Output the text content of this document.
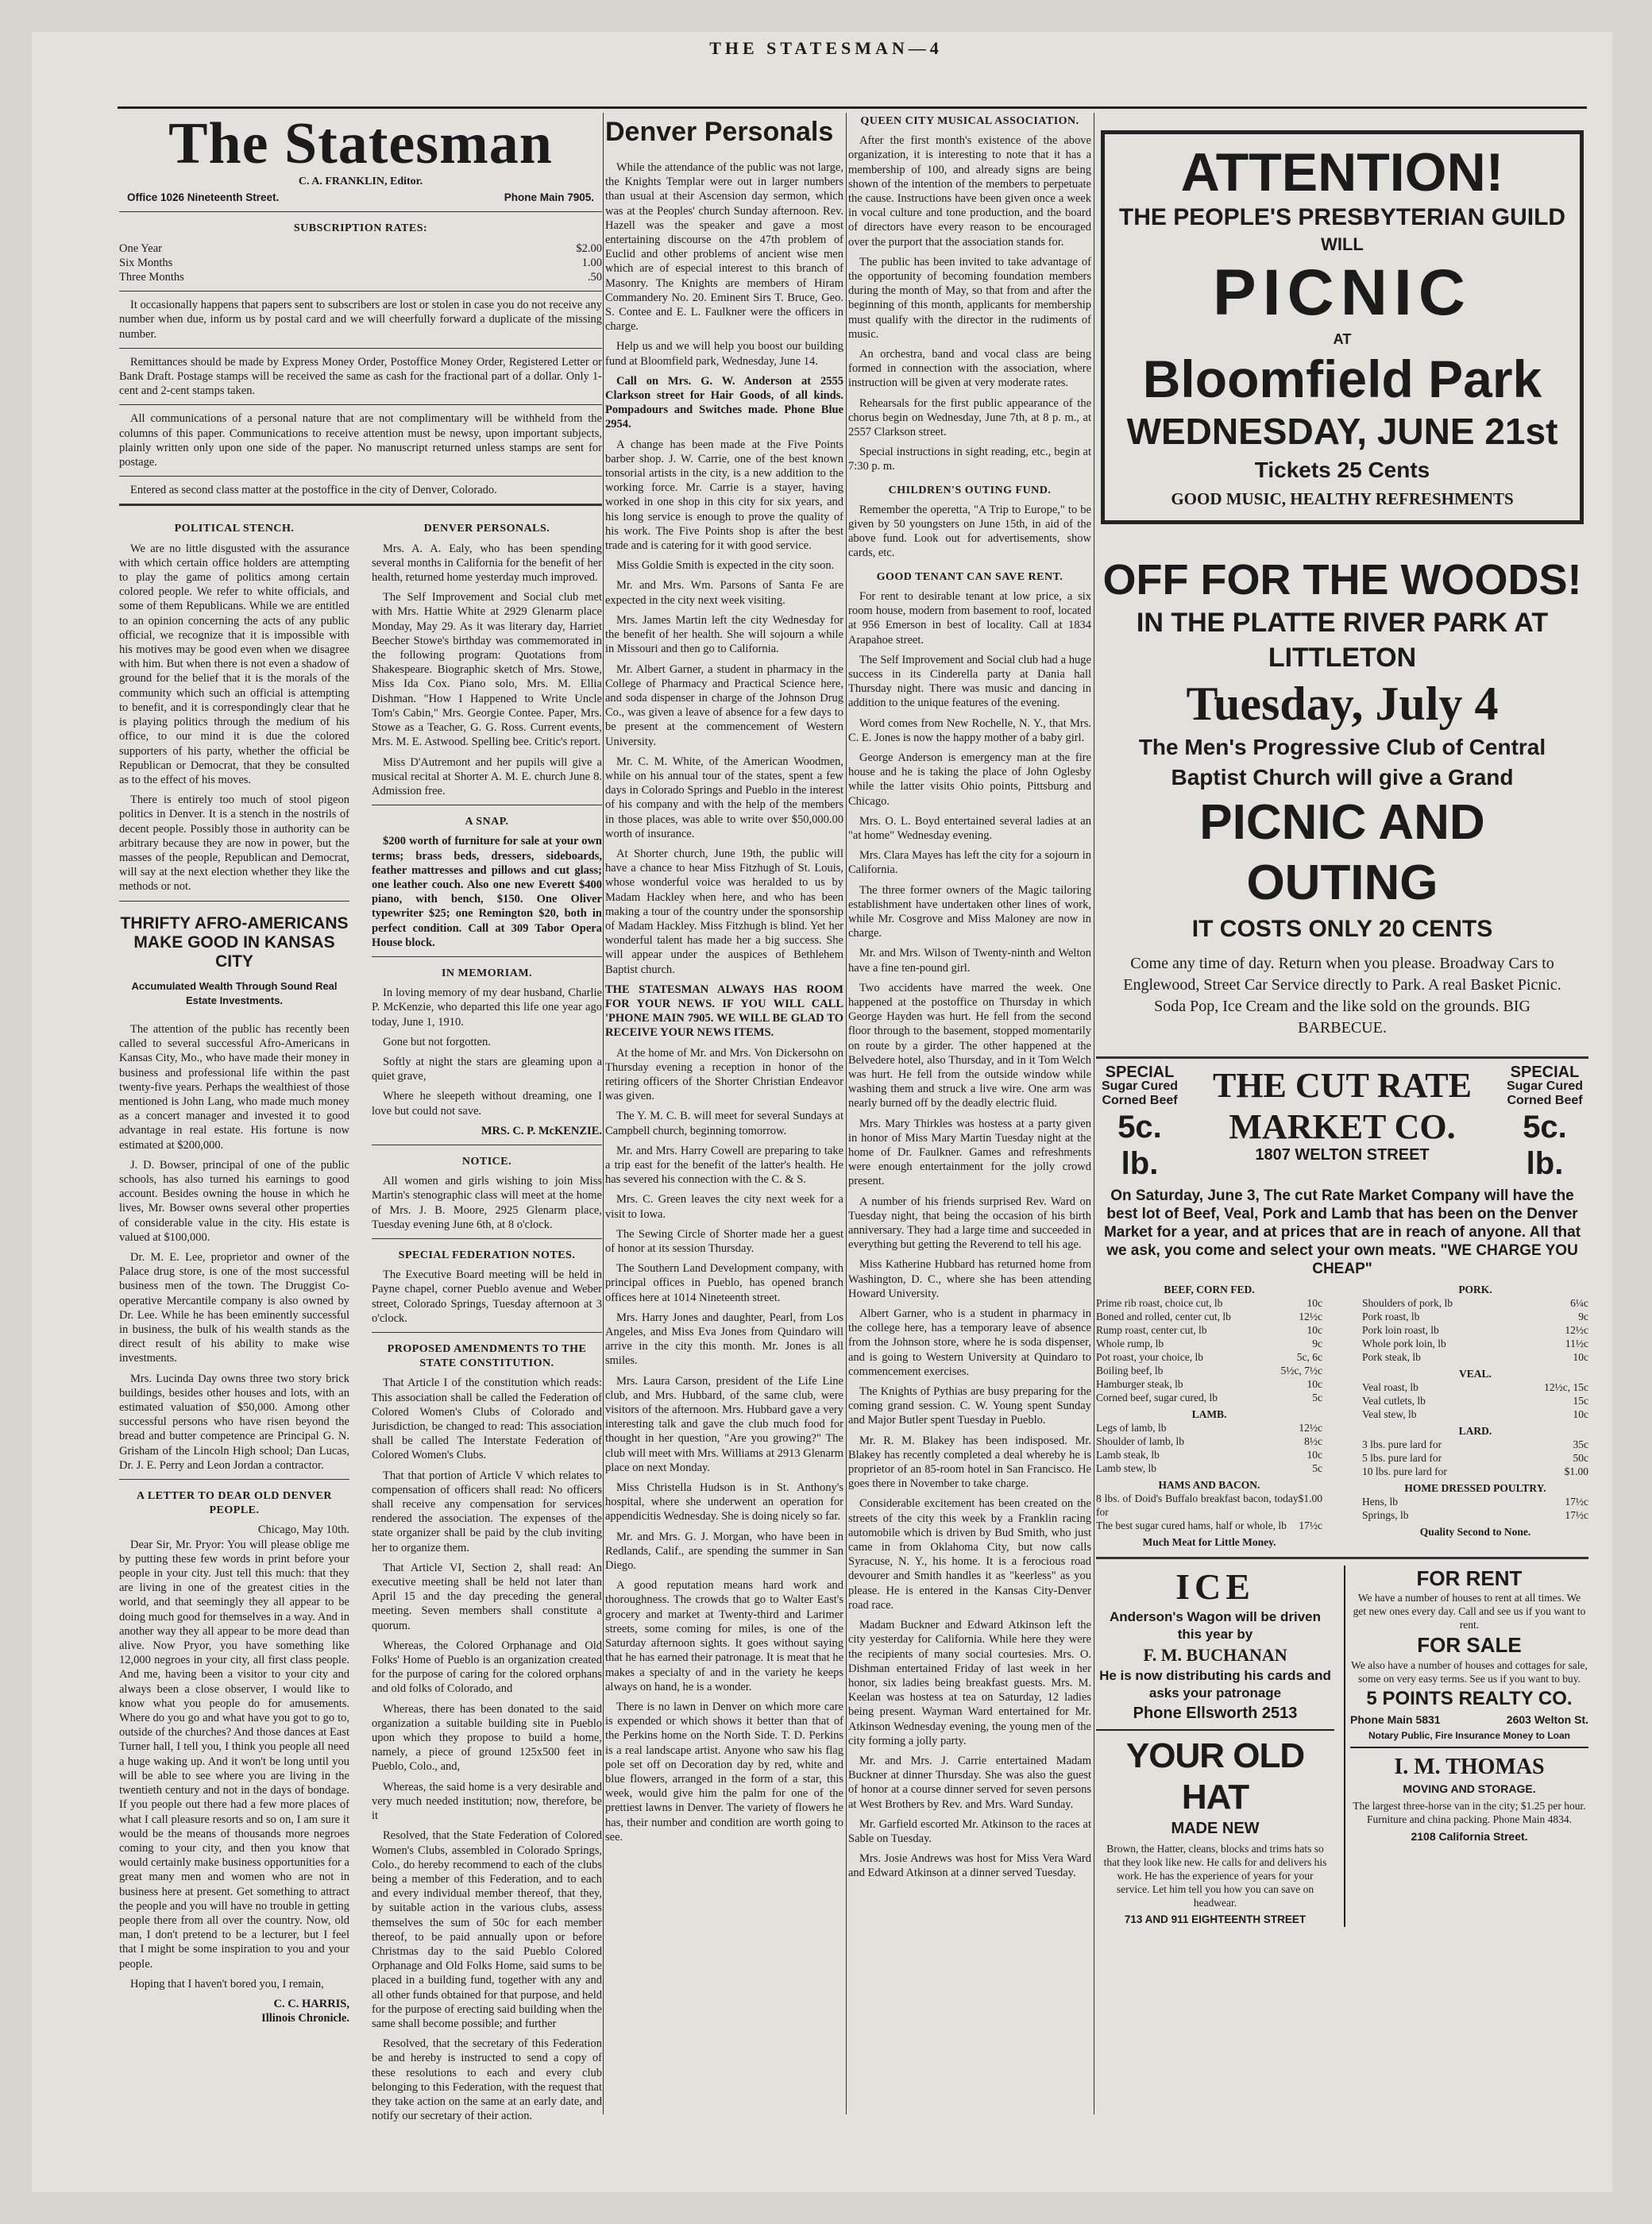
THE STATESMAN—4
The Statesman
C. A. FRANKLIN, Editor.
Office 1026 Nineteenth Street.	Phone Main 7905.
SUBSCRIPTION RATES:
One Year	$2.00
Six Months	1.00
Three Months	.50

It occasionally happens that papers sent to subscribers are lost or stolen in case you do not receive any number when due, inform us by postal card and we will cheerfully forward a duplicate of the missing number.

Remittances should be made by Express Money Order, Postoffice Money Order, Registered Letter or Bank Draft. Postage stamps will be received the same as cash for the fractional part of a dollar. Only 1-cent and 2-cent stamps taken.

All communications of a personal nature that are not complimentary will be withheld from the columns of this paper. Communications to receive attention must be newsy, upon important subjects, plainly written only upon one side of the paper. No manuscript returned unless stamps are sent for postage.

Entered as second class matter at the postoffice in the city of Denver, Colorado.

POLITICAL STENCH.

We are no little disgusted with the assurance with which certain office holders are attempting to play the game of politics among certain colored people. We refer to white officials, and some of them Republicans. While we are entitled to an opinion concerning the acts of any public official, we recognize that it is impossible with his motives may be good even when we disagree with him. But when there is not even a shadow of ground for the belief that it is the morals of the community which such an official is attempting to benefit, and it is correspondingly clear that he is playing politics through the medium of his office, to our mind it is due the colored supporters of his party, whether the official be Republican or Democrat, that they be consulted as to the effect of his moves.

There is entirely too much of stool pigeon politics in Denver. It is a stench in the nostrils of decent people. Possibly those in authority can be arbitrary because they are now in power, but the masses of the people, Republican and Democrat, will say at the next election whether they like the methods or not.

THRIFTY AFRO-AMERICANS MAKE GOOD IN KANSAS CITY
Accumulated Wealth Through Sound Real Estate Investments.

The attention of the public has recently been called to several successful Afro-Americans in Kansas City, Mo., who have made their money in business and professional life within the past twenty-five years. Perhaps the wealthiest of those mentioned is John Lang, who made much money as a concert manager and invested it to good advantage in real estate. His fortune is now estimated at $200,000.

J. D. Bowser, principal of one of the public schools, has also turned his earnings to good account. Besides owning the house in which he lives, Mr. Bowser owns several other properties of considerable value in the city. His estate is valued at $100,000.

Dr. M. E. Lee, proprietor and owner of the Palace drug store, is one of the most successful business men of the town. The Druggist Co-operative Mercantile company is also owned by Dr. Lee. While he has been eminently successful in business, the bulk of his wealth stands as the direct result of his ability to make wise investments.

Mrs. Lucinda Day owns three two story brick buildings, besides other houses and lots, with an estimated valuation of $50,000. Among other successful persons who have risen beyond the bread and butter competence are Principal G. N. Grisham of the Lincoln High school; Dan Lucas, Dr. J. E. Perry and Leon Jordan a contractor.

A LETTER TO DEAR OLD DENVER PEOPLE.
Chicago, May 10th.

Dear Sir, Mr. Pryor: You will please oblige me by putting these few words in print before your people in your city. Just tell this much: that they are living in one of the greatest cities in the world, and that seemingly they all appear to be doing much good for themselves in a way. And in another way they all appear to be more dead than alive. Now Pryor, you have something like 12,000 negroes in your city, all first class people. And me, having been a visitor to your city and always been a close observer, I would like to know what you people do for amusements. Where do you go and what have you got to go to, outside of the churches? And those dances at East Turner hall, I tell you, I think you people all need a huge waking up. And it won't be long until you will be able to see where you are living in the twentieth century and not in the days of bondage. If you people out there had a few more places of what I call pleasure resorts and so on, I am sure it would be the means of thousands more negroes coming to your city, and then you know that would certainly make business opportunities for a great many men and women who are not in business here at present. Get something to attract the people and you will have no trouble in getting people there from all over the country. Now, old man, I don't pretend to be a lecturer, but I feel that I might be some inspiration to you and your people.

Hoping that I haven't bored you, I remain,

C. C. HARRIS,
Illinois Chronicle.
DENVER PERSONALS.

Mrs. A. A. Ealy, who has been spending several months in California for the benefit of her health, returned home yesterday much improved.

The Self Improvement and Social club met with Mrs. Hattie White at 2929 Glenarm place Monday, May 29. As it was literary day, Harriet Beecher Stowe's birthday was commemorated in the following program: Quotations from Shakespeare. Biographic sketch of Mrs. Stowe, Miss Ida Cox. Piano solo, Mrs. M. Ellia Dishman. "How I Happened to Write Uncle Tom's Cabin," Mrs. Georgie Contee. Paper, Mrs. Stowe as a Teacher, G. G. Ross. Current events, Mrs. M. E. Astwood. Spelling bee. Critic's report.

Miss D'Autremont and her pupils will give a musical recital at Shorter A. M. E. church June 8. Admission free.

A SNAP.

$200 worth of furniture for sale at your own terms; brass beds, dressers, sideboards, feather mattresses and pillows and cut glass; one leather couch. Also one new Everett $400 piano, with bench, $150. One Oliver typewriter $25; one Remington $20, both in perfect condition. Call at 309 Tabor Opera House block.

IN MEMORIAM.

In loving memory of my dear husband, Charlie P. McKenzie, who departed this life one year ago today, June 1, 1910.

Gone but not forgotten.

Softly at night the stars are gleaming upon a quiet grave,

Where he sleepeth without dreaming, one I love but could not save.

MRS. C. P. McKENZIE.
NOTICE.

All women and girls wishing to join Miss Martin's stenographic class will meet at the home of Mrs. J. B. Moore, 2925 Glenarm place, Tuesday evening June 6th, at 8 o'clock.

SPECIAL FEDERATION NOTES.

The Executive Board meeting will be held in Payne chapel, corner Pueblo avenue and Weber street, Colorado Springs, Tuesday afternoon at 3 o'clock.

PROPOSED AMENDMENTS TO THE STATE CONSTITUTION.

That Article I of the constitution which reads: This association shall be called the Federation of Colored Women's Clubs of Colorado and Jurisdiction, be changed to read: This association shall be called The Interstate Federation of Colored Women's Clubs.

That that portion of Article V which relates to compensation of officers shall read: No officers shall receive any compensation for services rendered the association. The expenses of the state organizer shall be paid by the club inviting her to organize them.

That Article VI, Section 2, shall read: An executive meeting shall be held not later than April 15 and the day preceding the general meeting. Seven members shall constitute a quorum.

Whereas, the Colored Orphanage and Old Folks' Home of Pueblo is an organization created for the purpose of caring for the colored orphans and old folks of Colorado, and

Whereas, there has been donated to the said organization a suitable building site in Pueblo upon which they propose to build a home, namely, a piece of ground 125x500 feet in Pueblo, Colo., and,

Whereas, the said home is a very desirable and very much needed institution; now, therefore, be it

Resolved, that the State Federation of Colored Women's Clubs, assembled in Colorado Springs, Colo., do hereby recommend to each of the clubs being a member of this Federation, and to each and every individual member thereof, that they, by suitable action in the various clubs, assess themselves the sum of 50c for each member thereof, to be paid annually upon or before Christmas day to the said Pueblo Colored Orphanage and Old Folks Home, said sums to be placed in a building fund, together with any and all other funds obtained for that purpose, and held for the purpose of erecting said building when the same shall become possible; and further

Resolved, that the secretary of this Federation be and hereby is instructed to send a copy of these resolutions to each and every club belonging to this Federation, with the request that they take action on the same at an early date, and notify our secretary of their action.

Denver Personals

While the attendance of the public was not large, the Knights Templar were out in larger numbers than usual at their Ascension day sermon, which was at the Peoples' church Sunday afternoon. Rev. Hazell was the speaker and gave a most entertaining discourse on the 47th problem of Euclid and other problems of ancient wise men which are of especial interest to this branch of Masonry. The Knights are members of Hiram Commandery No. 20. Eminent Sirs T. Bruce, Geo. S. Contee and E. L. Faulkner were the officers in charge.

Help us and we will help you boost our building fund at Bloomfield park, Wednesday, June 14.

Call on Mrs. G. W. Anderson at 2555 Clarkson street for Hair Goods, of all kinds. Pompadours and Switches made. Phone Blue 2954.

A change has been made at the Five Points barber shop. J. W. Carrie, one of the best known tonsorial artists in the city, is a new addition to the working force. Mr. Carrie is a stayer, having worked in one shop in this city for six years, and his long service is enough to prove the quality of his work. The Five Points shop is after the best trade and is catering for it with good service.

Miss Goldie Smith is expected in the city soon.

Mr. and Mrs. Wm. Parsons of Santa Fe are expected in the city next week visiting.

Mrs. James Martin left the city Wednesday for the benefit of her health. She will sojourn a while in Missouri and then go to California.

Mr. Albert Garner, a student in pharmacy in the College of Pharmacy and Practical Science here, and soda dispenser in charge of the Johnson Drug Co., was given a leave of absence for a few days to be present at the commencement of Western University.

Mr. C. M. White, of the American Woodmen, while on his annual tour of the states, spent a few days in Colorado Springs and Pueblo in the interest of his company and with the help of the members in those places, was able to write over $50,000.00 worth of insurance.

At Shorter church, June 19th, the public will have a chance to hear Miss Fitzhugh of St. Louis, whose wonderful voice was heralded to us by Madam Hackley when here, and who has been making a tour of the country under the sponsorship of Madam Hackley. Miss Fitzhugh is blind. Yet her wonderful talent has made her a big success. She will appear under the auspices of Bethlehem Baptist church.

THE STATESMAN ALWAYS HAS ROOM FOR YOUR NEWS. IF YOU WILL CALL 'PHONE MAIN 7905. WE WILL BE GLAD TO RECEIVE YOUR NEWS ITEMS.

At the home of Mr. and Mrs. Von Dickersohn on Thursday evening a reception in honor of the retiring officers of the Shorter Christian Endeavor was given.

The Y. M. C. B. will meet for several Sundays at Campbell church, beginning tomorrow.

Mr. and Mrs. Harry Cowell are preparing to take a trip east for the benefit of the latter's health. He has severed his connection with the C. & S.

Mrs. C. Green leaves the city next week for a visit to Iowa.

The Sewing Circle of Shorter made her a guest of honor at its session Thursday.

The Southern Land Development company, with principal offices in Pueblo, has opened branch offices here at 1014 Nineteenth street.

Mrs. Harry Jones and daughter, Pearl, from Los Angeles, and Miss Eva Jones from Quindaro will arrive in the city this month. Mr. Jones is all smiles.

Mrs. Laura Carson, president of the Life Line club, and Mrs. Hubbard, of the same club, were visitors of the afternoon. Mrs. Hubbard gave a very interesting talk and gave the club much food for thought in her question, "Are you growing?" The club will meet with Mrs. Williams at 2913 Glenarm place on next Monday.

Miss Christella Hudson is in St. Anthony's hospital, where she underwent an operation for appendicitis Wednesday. She is doing nicely so far.

Mr. and Mrs. G. J. Morgan, who have been in Redlands, Calif., are spending the summer in San Diego.

A good reputation means hard work and thoroughness. The crowds that go to Walter East's grocery and market at Twenty-third and Larimer streets, some coming for miles, is one of the Saturday afternoon sights. It goes without saying that he has earned their patronage. It is meat that he makes a specialty of and in the variety he keeps always on hand, he is a wonder.

There is no lawn in Denver on which more care is expended or which shows it better than that of the Perkins home on the North Side. T. D. Perkins is a real landscape artist. Anyone who saw his flag pole set off on Decoration day by red, white and blue flowers, arranged in the form of a star, this week, would give him the palm for one of the prettiest lawns in Denver. The variety of flowers he has, their number and condition are worth going to see.

QUEEN CITY MUSICAL ASSOCIATION.

After the first month's existence of the above organization, it is interesting to note that it has a membership of 100, and already signs are being shown of the intention of the members to perpetuate the cause. Instructions have been given once a week in vocal culture and tone production, and the board of directors have every reason to be encouraged over the purport that the association stands for.

The public has been invited to take advantage of the opportunity of becoming foundation members during the month of May, so that from and after the beginning of this month, applicants for membership must qualify with the director in the rudiments of music.

An orchestra, band and vocal class are being formed in connection with the association, where instruction will be given at very moderate rates.

Rehearsals for the first public appearance of the chorus begin on Wednesday, June 7th, at 8 p. m., at 2557 Clarkson street.

Special instructions in sight reading, etc., begin at 7:30 p. m.

CHILDREN'S OUTING FUND.

Remember the operetta, "A Trip to Europe," to be given by 50 youngsters on June 15th, in aid of the above fund. Look out for advertisements, show cards, etc.

GOOD TENANT CAN SAVE RENT.

For rent to desirable tenant at low price, a six room house, modern from basement to roof, located at 956 Emerson in best of locality. Call at 1834 Arapahoe street.

The Self Improvement and Social club had a huge success in its Cinderella party at Dania hall Thursday night. There was music and dancing in addition to the unique features of the evening.

Word comes from New Rochelle, N. Y., that Mrs. C. E. Jones is now the happy mother of a baby girl.

George Anderson is emergency man at the fire house and he is taking the place of John Oglesby while the latter visits Ohio points, Pittsburg and Chicago.

Mrs. O. L. Boyd entertained several ladies at an "at home" Wednesday evening.

Mrs. Clara Mayes has left the city for a sojourn in California.

The three former owners of the Magic tailoring establishment have undertaken other lines of work, while Mr. Cosgrove and Miss Maloney are now in charge.

Mr. and Mrs. Wilson of Twenty-ninth and Welton have a fine ten-pound girl.

Two accidents have marred the week. One happened at the postoffice on Thursday in which George Hayden was hurt. He fell from the second floor through to the basement, stopped momentarily on route by a girder. The other happened at the Belvedere hotel, also Thursday, and in it Tom Welch was hurt. He fell from the outside window while washing them and struck a live wire. One arm was nearly burned off by the deadly electric fluid.

Mrs. Mary Thirkles was hostess at a party given in honor of Miss Mary Martin Tuesday night at the home of Dr. Faulkner. Games and refreshments were enough entertainment for the jolly crowd present.

A number of his friends surprised Rev. Ward on Tuesday night, that being the occasion of his birth anniversary. They had a large time and succeeded in everything but getting the Reverend to tell his age.

Miss Katherine Hubbard has returned home from Washington, D. C., where she has been attending Howard University.

Albert Garner, who is a student in pharmacy in the college here, has a temporary leave of absence from the Johnson store, where he is soda dispenser, and is going to Western University at Quindaro to commencement exercises.

The Knights of Pythias are busy preparing for the coming grand session. C. W. Young spent Sunday and Major Butler spent Tuesday in Pueblo.

Mr. R. M. Blakey has been indisposed. Mr. Blakey has recently completed a deal whereby he is proprietor of an 85-room hotel in San Francisco. He goes there in November to take charge.

Considerable excitement has been created on the streets of the city this week by a Franklin racing automobile which is driven by Bud Smith, who just came in from Oklahoma City, but now calls Syracuse, N. Y., his home. It is a ferocious road devourer and Smith handles it as "keerless" as you please. He is entered in the Kansas City-Denver road race.

Madam Buckner and Edward Atkinson left the city yesterday for California. While here they were the recipients of many social courtesies. Mrs. O. Dishman entertained Friday of last week in her honor, six ladies being breakfast guests. Mrs. M. Keelan was hostess at tea on Saturday, 12 ladies being present. Wayman Ward entertained for Mr. Atkinson Wednesday evening, the young men of the city forming a jolly party.

Mr. and Mrs. J. Carrie entertained Madam Buckner at dinner Thursday. She was also the guest of honor at a course dinner served for seven persons at West Brothers by Rev. and Mrs. Ward Sunday.

Mr. Garfield escorted Mr. Atkinson to the races at Sable on Tuesday.

Mrs. Josie Andrews was host for Miss Vera Ward and Edward Atkinson at a dinner served Tuesday.

ATTENTION!
THE PEOPLE'S PRESBYTERIAN GUILD
WILL
PICNIC
AT
Bloomfield Park
WEDNESDAY, JUNE 21st
Tickets 25 Cents
GOOD MUSIC, HEALTHY REFRESHMENTS
OFF FOR THE WOODS!
IN THE PLATTE RIVER PARK AT LITTLETON
Tuesday, July 4
The Men's Progressive Club of Central Baptist Church will give a Grand
PICNIC AND OUTING
IT COSTS ONLY 20 CENTS
Come any time of day. Return when you please. Broadway Cars to Englewood, Street Car Service directly to Park. A real Basket Picnic. Soda Pop, Ice Cream and the like sold on the grounds. BIG BARBECUE.
SPECIAL
Sugar Cured Corned Beef
5c. lb.
THE CUT RATE MARKET CO.
1807 WELTON STREET
SPECIAL
Sugar Cured Corned Beef
5c. lb.
On Saturday, June 3, The cut Rate Market Company will have the best lot of Beef, Veal, Pork and Lamb that has been on the Denver Market for a year, and at prices that are in reach of anyone. All that we ask, you come and select your own meats. "WE CHARGE YOU CHEAP"
BEEF, CORN FED.
Prime rib roast, choice cut, lb	10c
Boned and rolled, center cut, lb	12½c
Rump roast, center cut, lb	10c
Whole rump, lb	9c
Pot roast, your choice, lb	5c, 6c
Boiling beef, lb	5½c, 7½c
Hamburger steak, lb	10c
Corned beef, sugar cured, lb	5c
LAMB.
Legs of lamb, lb	12½c
Shoulder of lamb, lb	8½c
Lamb steak, lb	10c
Lamb stew, lb	5c
HAMS AND BACON.
8 lbs. of Doid's Buffalo breakfast bacon, today for
$1.00
The best sugar cured hams, half or whole, lb 17½c
Much Meat for Little Money.
PORK.
Shoulders of pork, lb	6¼c
Pork roast, lb	9c
Pork loin roast, lb	12½c
Whole pork loin, lb	11½c
Pork steak, lb	10c
VEAL.
Veal roast, lb	12½c, 15c
Veal cutlets, lb	15c
Veal stew, lb	10c
LARD.
3 lbs. pure lard for	35c
5 lbs. pure lard for	50c
10 lbs. pure lard for	$1.00
HOME DRESSED POULTRY.
Hens, lb	17½c
Springs, lb	17½c
Quality Second to None.
ICE
Anderson's Wagon will be driven this year by
F. M. BUCHANAN
He is now distributing his cards and asks your patronage
Phone Ellsworth 2513
YOUR OLD HAT
MADE NEW
Brown, the Hatter, cleans, blocks and trims hats so that they look like new. He calls for and delivers his work. He has the experience of years for your service. Let him tell you how you can save on headwear.
713 AND 911 EIGHTEENTH STREET
FOR RENT
We have a number of houses to rent at all times. We get new ones every day. Call and see us if you want to rent.
FOR SALE
We also have a number of houses and cottages for sale, some on very easy terms. See us if you want to buy.
5 POINTS REALTY CO.
Phone Main 5831	2603 Welton St.
Notary Public, Fire Insurance Money to Loan
I. M. THOMAS
MOVING AND STORAGE.
The largest three-horse van in the city; $1.25 per hour. Furniture and china packing. Phone Main 4834.
2108 California Street.
